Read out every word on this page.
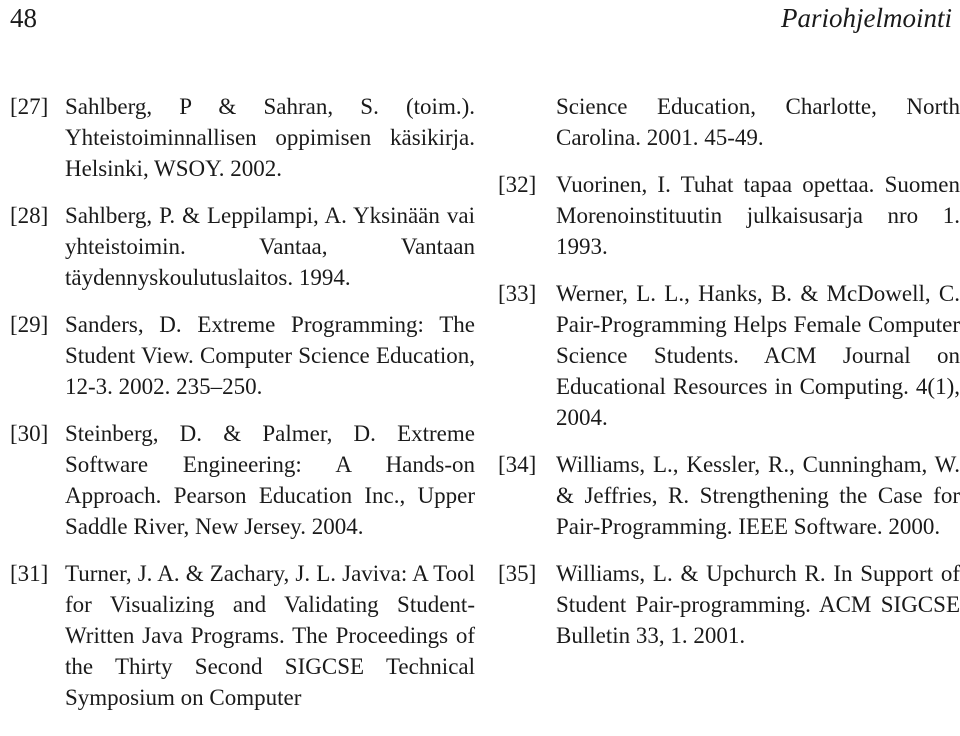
48	Pariohjelmointi
[27] Sahlberg, P & Sahran, S. (toim.). Yhteistoiminnallisen oppimisen käsikirja. Helsinki, WSOY. 2002.
[28] Sahlberg, P. & Leppilampi, A. Yksinään vai yhteistoimin. Vantaa, Vantaan täydennyskoulutuslaitos. 1994.
[29] Sanders, D. Extreme Programming: The Student View. Computer Science Education, 12-3. 2002. 235–250.
[30] Steinberg, D. & Palmer, D. Extreme Software Engineering: A Hands-on Approach. Pearson Education Inc., Upper Saddle River, New Jersey. 2004.
[31] Turner, J. A. & Zachary, J. L. Javiva: A Tool for Visualizing and Validating Student-Written Java Programs. The Proceedings of the Thirty Second SIGCSE Technical Symposium on Computer
Science Education, Charlotte, North Carolina. 2001. 45-49.
[32] Vuorinen, I. Tuhat tapaa opettaa. Suomen Morenoinstituutin julkaisusarja nro 1. 1993.
[33] Werner, L. L., Hanks, B. & McDowell, C. Pair-Programming Helps Female Computer Science Students. ACM Journal on Educational Resources in Computing. 4(1), 2004.
[34] Williams, L., Kessler, R., Cunningham, W. & Jeffries, R. Strengthening the Case for Pair-Programming. IEEE Software. 2000.
[35] Williams, L. & Upchurch R. In Support of Student Pair-programming. ACM SIGCSE Bulletin 33, 1. 2001.
